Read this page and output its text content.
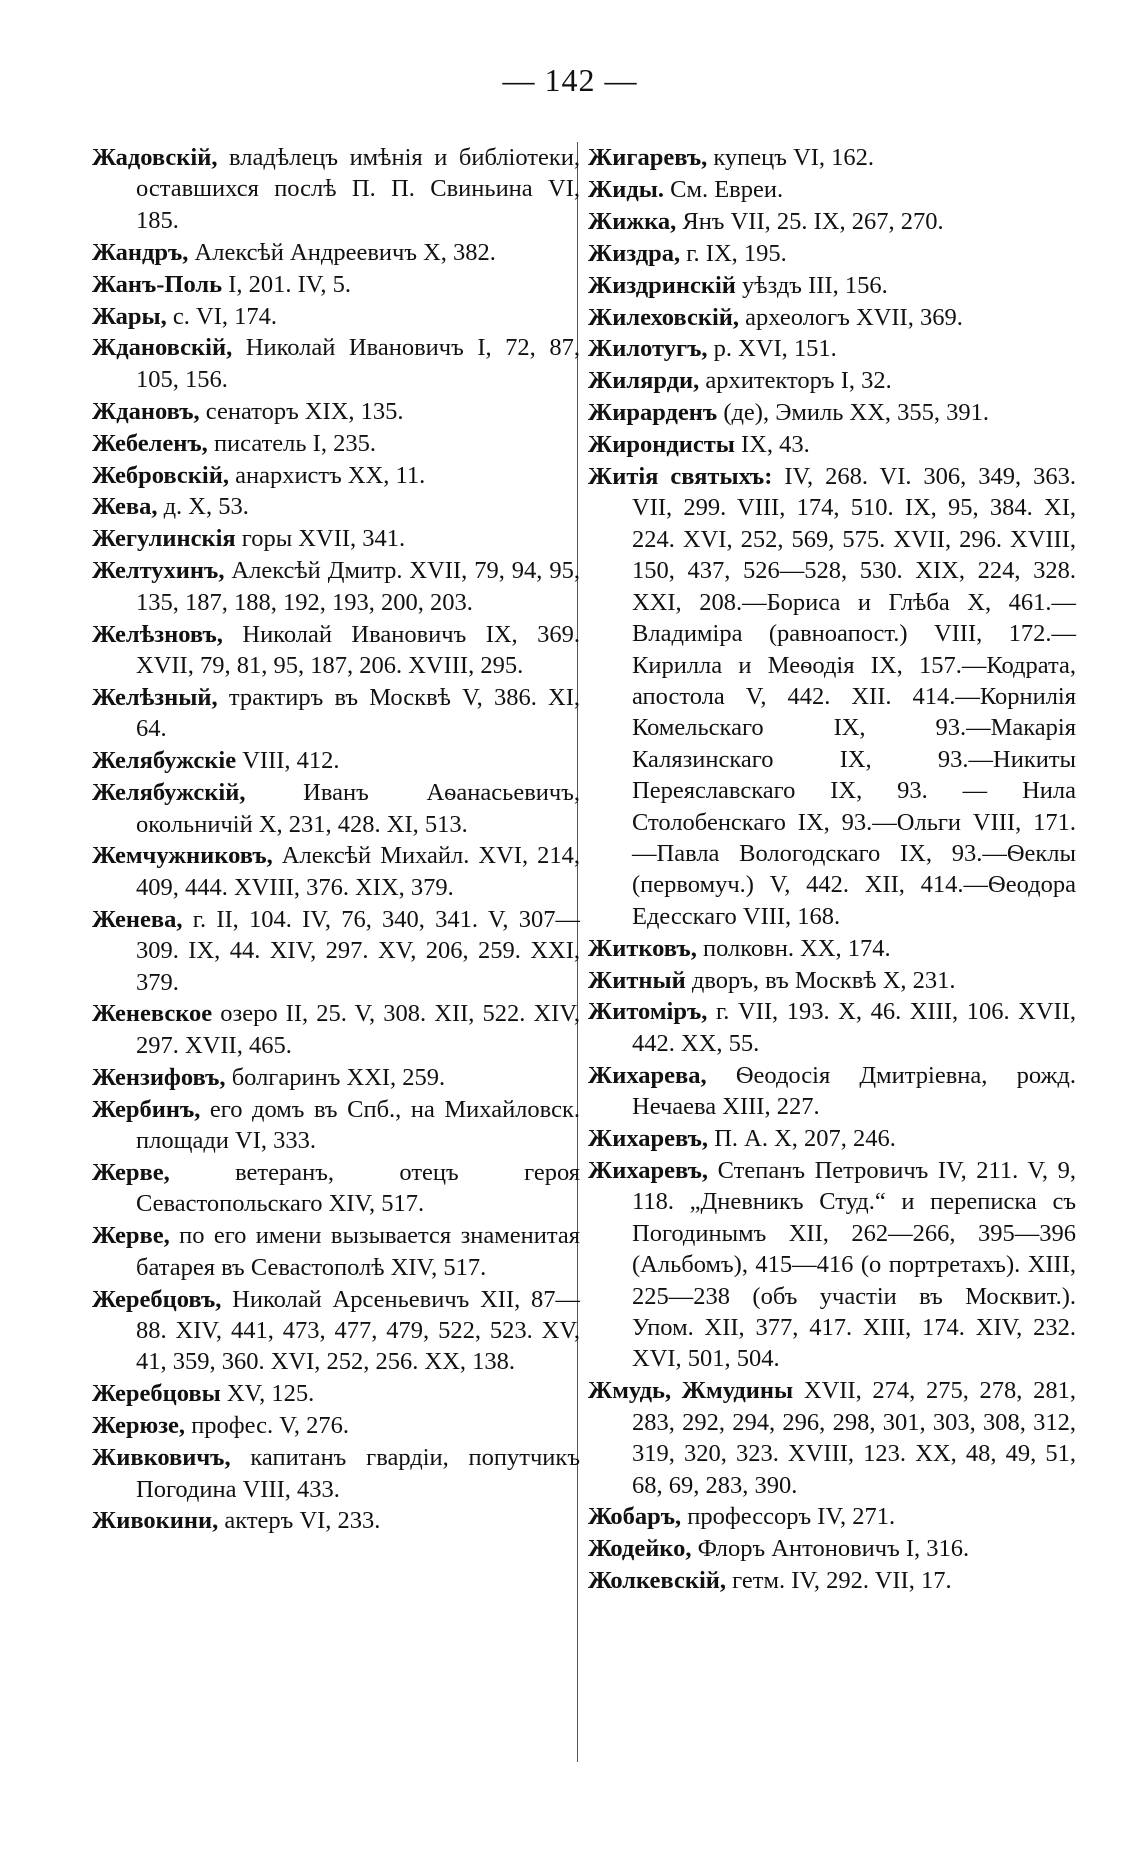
— 142 —

Жадовскій, владѣлецъ имѣнія и библіотеки, оставшихся послѣ П. П. Свиньина VI, 185.

Жандръ, Алексѣй Андреевичъ X, 382.

Жанъ-Поль I, 201. IV, 5.

Жары, с. VI, 174.

Ждановскій, Николай Ивановичъ I, 72, 87, 105, 156.

Ждановъ, сенаторъ XIX, 135.

Жебеленъ, писатель I, 235.

Жебровскій, анархистъ XX, 11.

Жева, д. X, 53.

Жегулинскія горы XVII, 341.

Желтухинъ, Алексѣй Дмитр. XVII, 79, 94, 95, 135, 187, 188, 192, 193, 200, 203.

Желѣзновъ, Николай Ивановичъ IX, 369. XVII, 79, 81, 95, 187, 206. XVIII, 295.

Желѣзный, трактиръ въ Москвѣ V, 386. XI, 64.

Желябужскіе VIII, 412.

Желябужскій, Иванъ Аѳанасьевичъ, окольничій X, 231, 428. XI, 513.

Жемчужниковъ, Алексѣй Михайл. XVI, 214, 409, 444. XVIII, 376. XIX, 379.

Женева, г. II, 104. IV, 76, 340, 341. V, 307—309. IX, 44. XIV, 297. XV, 206, 259. XXI, 379.

Женевское озеро II, 25. V, 308. XII, 522. XIV, 297. XVII, 465.

Жензифовъ, болгаринъ XXI, 259.

Жербинъ, его домъ въ Спб., на Михайловск. площади VI, 333.

Жерве, ветеранъ, отецъ героя Севастопольскаго XIV, 517.

Жерве, по его имени вызывается знаменитая батарея въ Севастополѣ XIV, 517.

Жеребцовъ, Николай Арсеньевичъ XII, 87—88. XIV, 441, 473, 477, 479, 522, 523. XV, 41, 359, 360. XVI, 252, 256. XX, 138.

Жеребцовы XV, 125.

Жерюзе, профес. V, 276.

Живковичъ, капитанъ гвардіи, попутчикъ Погодина VIII, 433.

Живокини, актеръ VI, 233.

Жигаревъ, купецъ VI, 162.

Жиды. См. Евреи.

Жижка, Янъ VII, 25. IX, 267, 270.

Жиздра, г. IX, 195.

Жиздринскій уѣздъ III, 156.

Жилеховскій, археологъ XVII, 369.

Жилотугъ, р. XVI, 151.

Жилярди, архитекторъ I, 32.

Жирарденъ (де), Эмиль XX, 355, 391.

Жирондисты IX, 43.

Житія святыхъ: IV, 268. VI. 306, 349, 363. VII, 299. VIII, 174, 510. IX, 95, 384. XI, 224. XVI, 252, 569, 575. XVII, 296. XVIII, 150, 437, 526—528, 530. XIX, 224, 328. XXI, 208.—Бориса и Глѣба X, 461.—Владиміра (равноапост.) VIII, 172.—Кирилла и Меѳодія IX, 157.—Кодрата, апостола V, 442. XII. 414.—Корнилія Комельскаго IX, 93.—Макарія Калязинскаго IX, 93.—Никиты Переяславскаго IX, 93. — Нила Столобенскаго IX, 93.—Ольги VIII, 171.—Павла Вологодскаго IX, 93.—Ѳеклы (первомуч.) V, 442. XII, 414.—Ѳеодора Едесскаго VIII, 168.

Житковъ, полковн. XX, 174.

Житный дворъ, въ Москвѣ X, 231.

Житоміръ, г. VII, 193. X, 46. XIII, 106. XVII, 442. XX, 55.

Жихарева, Ѳеодосія Дмитріевна, рожд. Нечаева XIII, 227.

Жихаревъ, П. А. X, 207, 246.

Жихаревъ, Степанъ Петровичъ IV, 211. V, 9, 118. „Дневникъ Студ.“ и переписка съ Погодинымъ XII, 262—266, 395—396 (Альбомъ), 415—416 (о портретахъ). XIII, 225—238 (объ участіи въ Москвит.). Упом. XII, 377, 417. XIII, 174. XIV, 232. XVI, 501, 504.

Жмудь, Жмудины XVII, 274, 275, 278, 281, 283, 292, 294, 296, 298, 301, 303, 308, 312, 319, 320, 323. XVIII, 123. XX, 48, 49, 51, 68, 69, 283, 390.

Жобаръ, профессоръ IV, 271.

Жодейко, Флоръ Антоновичъ I, 316.

Жолкевскій, гетм. IV, 292. VII, 17.
